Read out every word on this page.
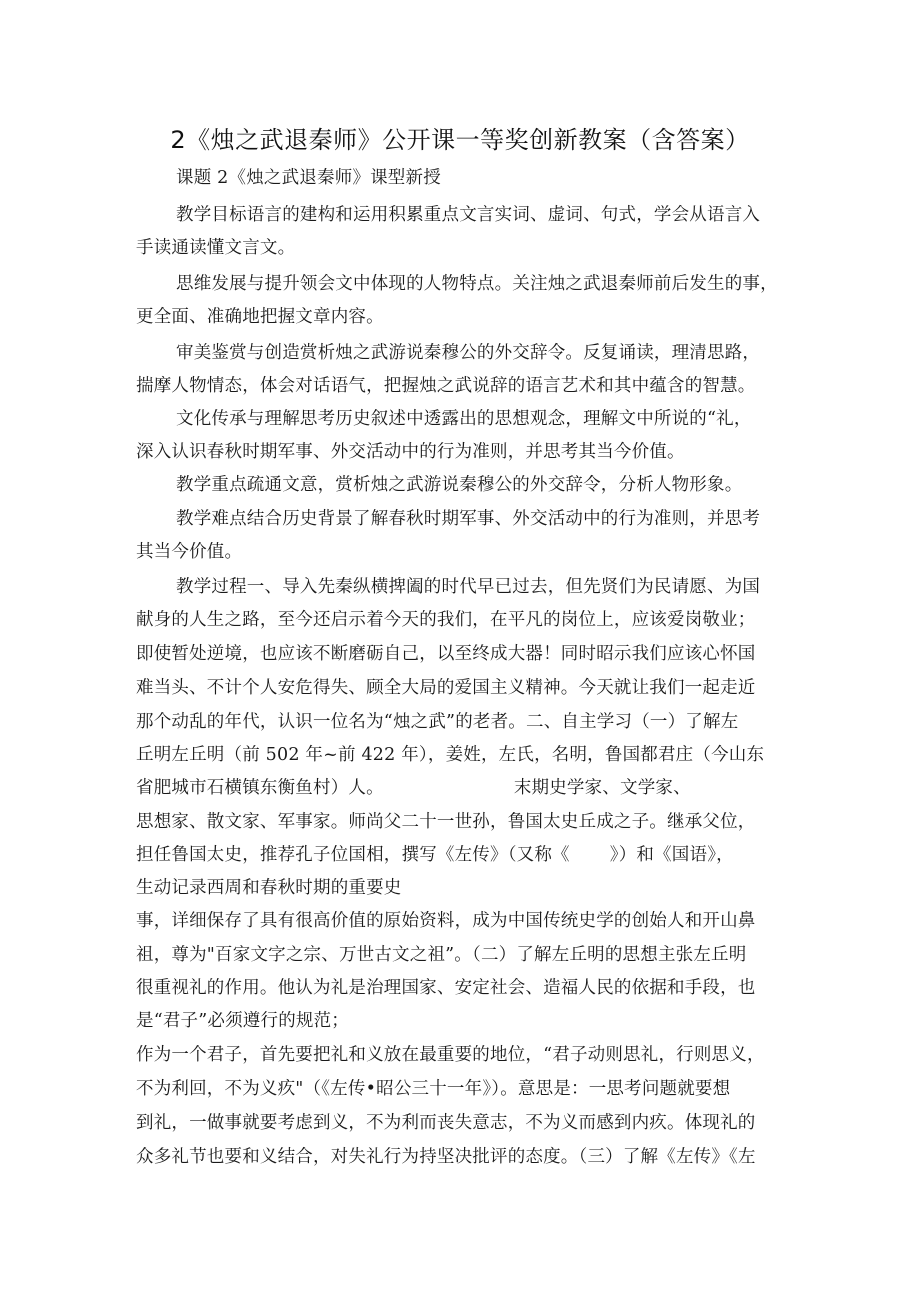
2《烛之武退秦师》公开课一等奖创新教案（含答案）
课题 2《烛之武退秦师》课型新授
教学目标语言的建构和运用积累重点文言实词、虚词、句式，学会从语言入
手读通读懂文言文。
思维发展与提升领会文中体现的人物特点。关注烛之武退秦师前后发生的事，
更全面、准确地把握文章内容。
审美鉴赏与创造赏析烛之武游说秦穆公的外交辞令。反复诵读，理清思路，
揣摩人物情态，体会对话语气，把握烛之武说辞的语言艺术和其中蕴含的智慧。
文化传承与理解思考历史叙述中透露出的思想观念，理解文中所说的“礼，
深入认识春秋时期军事、外交活动中的行为准则，并思考其当今价值。
教学重点疏通文意，赏析烛之武游说秦穆公的外交辞令，分析人物形象。
教学难点结合历史背景了解春秋时期军事、外交活动中的行为准则，并思考
其当今价值。
教学过程一、导入先秦纵横捭阖的时代早已过去，但先贤们为民请愿、为国
献身的人生之路，至今还启示着今天的我们，在平凡的岗位上，应该爱岗敬业；
即使暂处逆境，也应该不断磨砺自己，以至终成大器！同时昭示我们应该心怀国
难当头、不计个人安危得失、顾全大局的爱国主义精神。今天就让我们一起走近
那个动乱的年代，认识一位名为“烛之武”的老者。二、自主学习（一）了解左
丘明左丘明（前 502 年~前 422 年），姜姓，左氏，名明，鲁国都君庄（今山东
省肥城市石横镇东衡鱼村）人。	末期史学家、文学家、
思想家、散文家、军事家。师尚父二十一世孙，鲁国太史丘成之子。继承父位，
担任鲁国太史，推荐孔子位国相，撰写《左传》（又称《 》）和《国语》，
生动记录西周和春秋时期的重要史
事，详细保存了具有很高价值的原始资料，成为中国传统史学的创始人和开山鼻
祖，尊为"百家文字之宗、万世古文之祖”。（二）了解左丘明的思想主张左丘明
很重视礼的作用。他认为礼是治理国家、安定社会、造福人民的依据和手段，也
是“君子”必须遵行的规范；
作为一个君子，首先要把礼和义放在最重要的地位，“君子动则思礼，行则思义，
不为利回，不为义疚"（《左传•昭公三十一年》）。意思是：一思考问题就要想
到礼，一做事就要考虑到义，不为利而丧失意志，不为义而感到内疚。体现礼的
众多礼节也要和义结合，对失礼行为持坚决批评的态度。（三）了解《左传》《左
